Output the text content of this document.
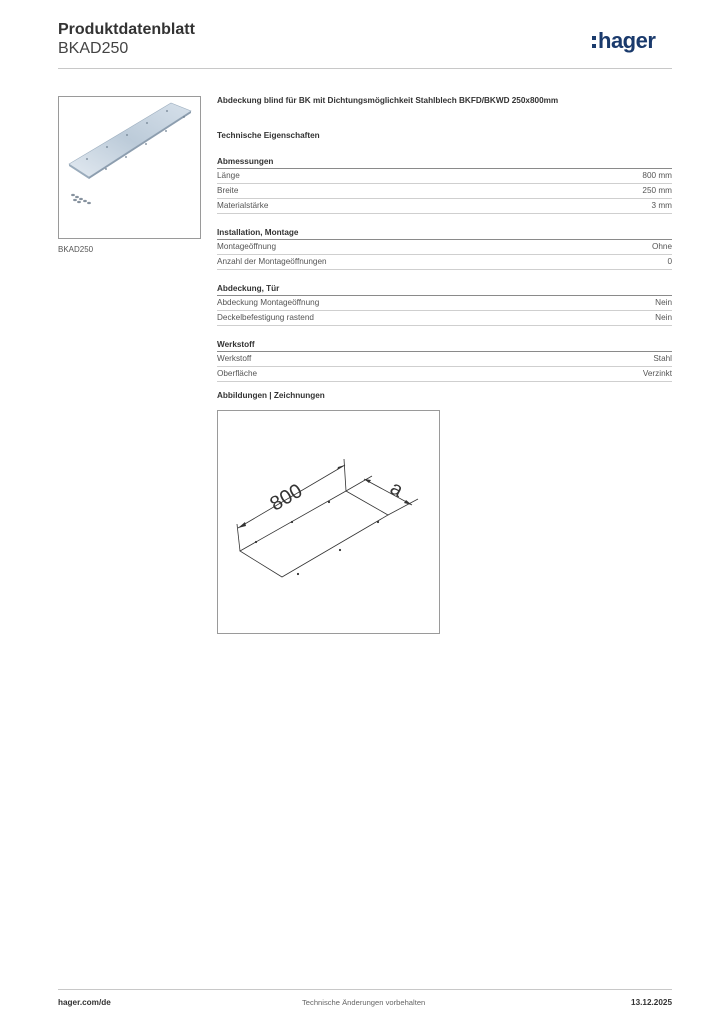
Produktdatenblatt
BKAD250	hager
BKAD250
Abdeckung blind für BK mit Dichtungsmöglichkeit Stahlblech BKFD/BKWD 250x800mm
Technische Eigenschaften
Abmessungen
Länge	800 mm
Breite	250 mm
Materialstärke	3 mm
Installation, Montage
Montageöffnung	Ohne
Anzahl der Montageöffnungen	0
Abdeckung, Tür
Abdeckung Montageöffnung	Nein
Deckelbefestigung rastend	Nein
Werkstoff
Werkstoff	Stahl
Oberfläche	Verzinkt
Abbildungen | Zeichnungen
800	a
hager.com/de	Technische Änderungen vorbehalten	13.12.2025
